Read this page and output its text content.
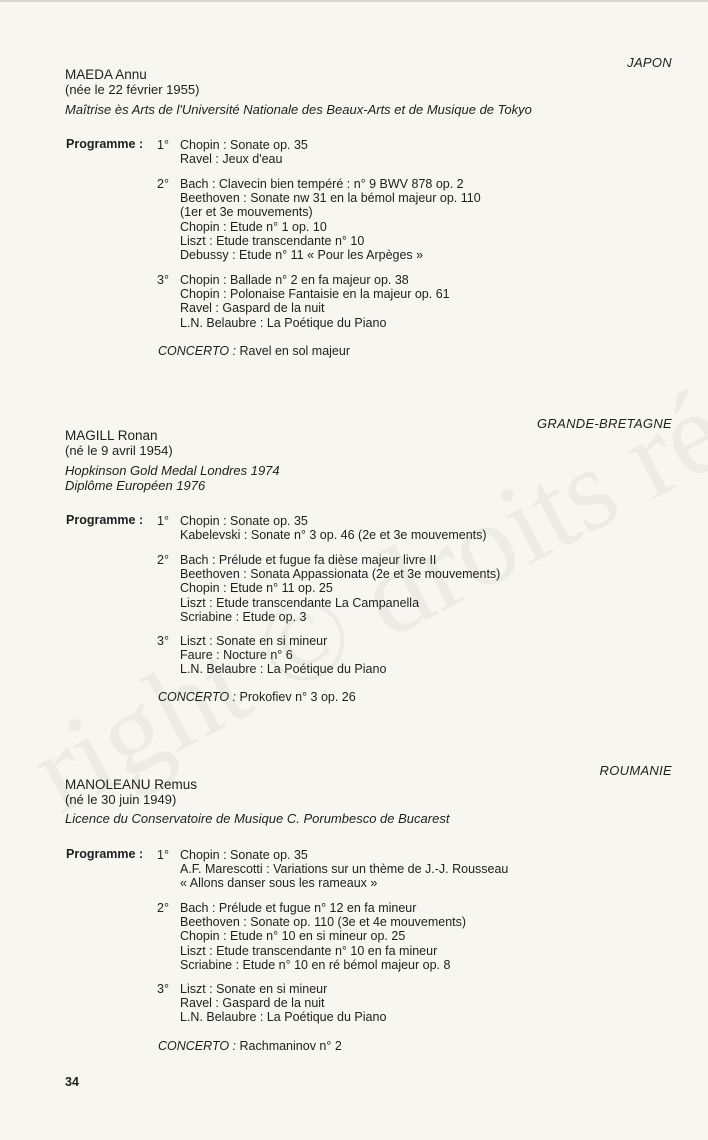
JAPON
MAEDA Annu
(née le 22 février 1955)
Maîtrise ès Arts de l'Université Nationale des Beaux-Arts et de Musique de Tokyo
Programme : 1° Chopin : Sonate op. 35
Ravel : Jeux d'eau
2° Bach : Clavecin bien tempéré : n° 9 BWV 878 op. 2
Beethoven : Sonate nw 31 en la bémol majeur op. 110
(1er et 3e mouvements)
Chopin : Etude n° 1 op. 10
Liszt : Etude transcendante n° 10
Debussy : Etude n° 11 « Pour les Arpèges »
3° Chopin : Ballade n° 2 en fa majeur op. 38
Chopin : Polonaise Fantaisie en la majeur op. 61
Ravel : Gaspard de la nuit
L.N. Belaubre : La Poétique du Piano
CONCERTO : Ravel en sol majeur
GRANDE-BRETAGNE
MAGILL Ronan
(né le 9 avril 1954)
Hopkinson Gold Medal Londres 1974
Diplôme Européen 1976
Programme : 1° Chopin : Sonate op. 35
Kabelevski : Sonate n° 3 op. 46 (2e et 3e mouvements)
2° Bach : Prélude et fugue fa dièse majeur livre II
Beethoven : Sonata Appassionata (2e et 3e mouvements)
Chopin : Etude n° 11 op. 25
Liszt : Etude transcendante La Campanella
Scriabine : Etude op. 3
3° Liszt : Sonate en si mineur
Faure : Nocture n° 6
L.N. Belaubre : La Poétique du Piano
CONCERTO : Prokofiev n° 3 op. 26
ROUMANIE
MANOLEANU Remus
(né le 30 juin 1949)
Licence du Conservatoire de Musique C. Porumbesco de Bucarest
Programme : 1° Chopin : Sonate op. 35
A.F. Marescotti : Variations sur un thème de J.-J. Rousseau
« Allons danser sous les rameaux »
2° Bach : Prélude et fugue n° 12 en fa mineur
Beethoven : Sonate op. 110 (3e et 4e mouvements)
Chopin : Etude n° 10 en si mineur op. 25
Liszt : Etude transcendante n° 10 en fa mineur
Scriabine : Etude n° 10 en ré bémol majeur op. 8
3° Liszt : Sonate en si mineur
Ravel : Gaspard de la nuit
L.N. Belaubre : La Poétique du Piano
CONCERTO : Rachmaninov n° 2
34
